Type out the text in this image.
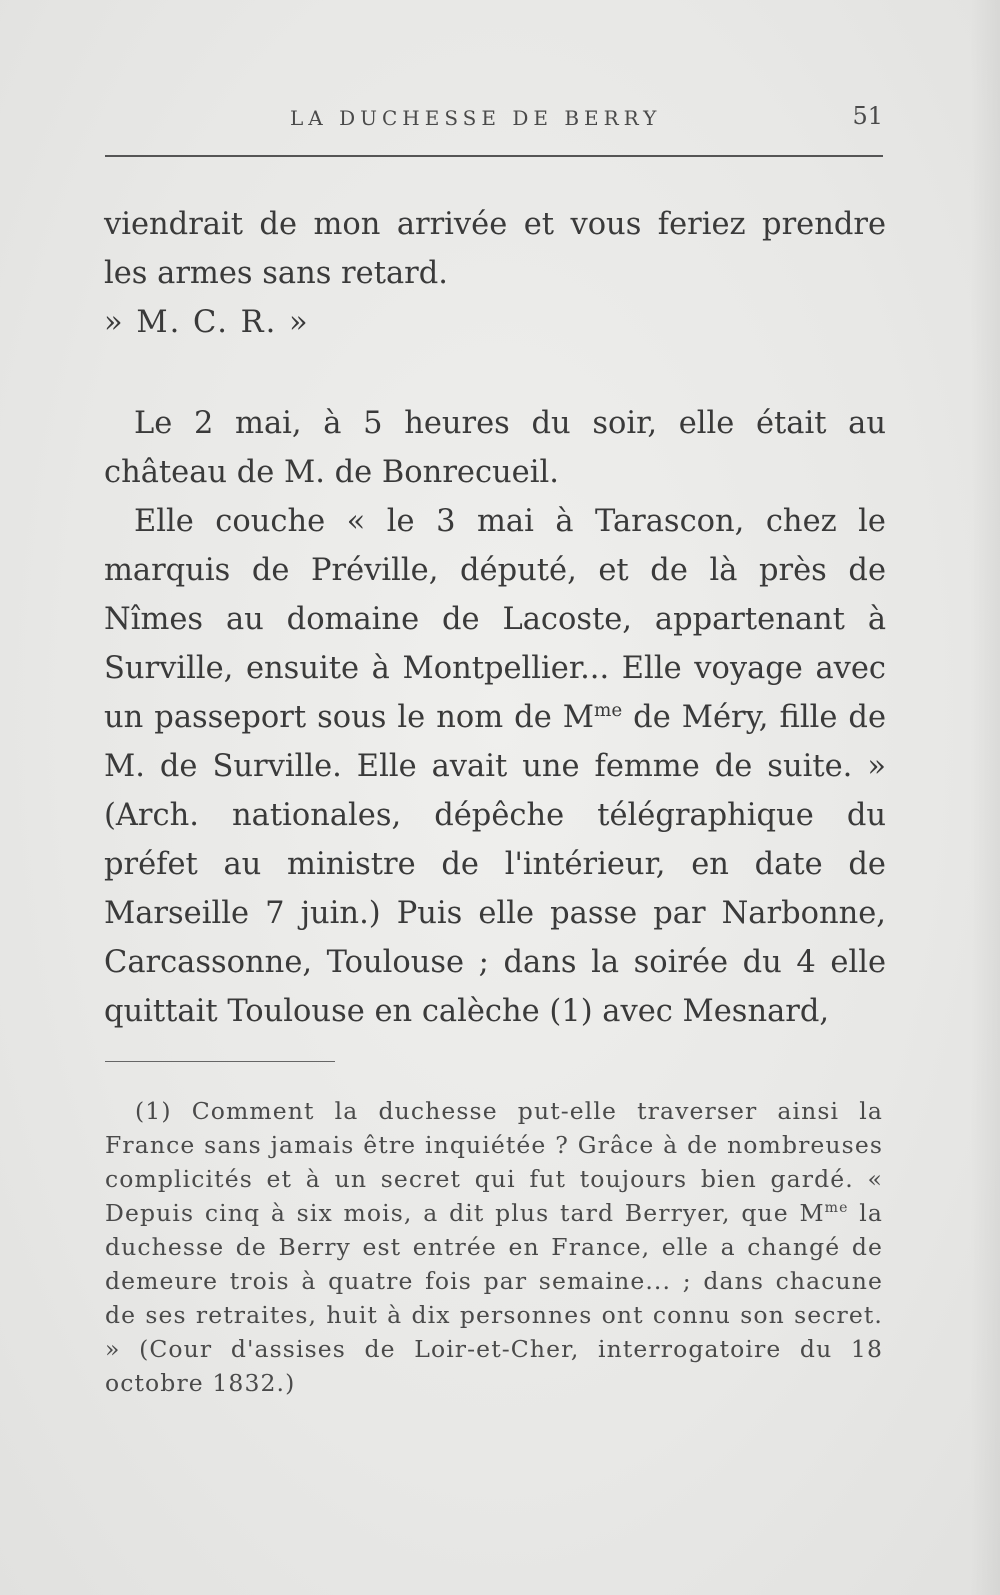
LA DUCHESSE DE BERRY	51

viendrait de mon arrivée et vous feriez prendre les armes sans retard.

» M. C. R. »

Le 2 mai, à 5 heures du soir, elle était au château de M. de Bonrecueil.

Elle couche « le 3 mai à Tarascon, chez le marquis de Préville, député, et de là près de Nîmes au domaine de Lacoste, appartenant à Surville, ensuite à Montpellier... Elle voyage avec un passeport sous le nom de $M^{me}$ de Méry, fille de M. de Surville. Elle avait une femme de suite. » (Arch. nationales, dépêche télégraphique du préfet au ministre de l'intérieur, en date de Marseille 7 juin.) Puis elle passe par Narbonne, Carcassonne, Toulouse ; dans la soirée du 4 elle quittait Toulouse en calèche (1) avec Mesnard,

(1) Comment la duchesse put-elle traverser ainsi la France sans jamais être inquiétée ? Grâce à de nombreuses complicités et à un secret qui fut toujours bien gardé. « Depuis cinq à six mois, a dit plus tard Berryer, que $M^{me}$ la duchesse de Berry est entrée en France, elle a changé de demeure trois à quatre fois par semaine... ; dans chacune de ses retraites, huit à dix personnes ont connu son secret. » (Cour d'assises de Loir-et-Cher, interrogatoire du 18 octobre 1832.)
